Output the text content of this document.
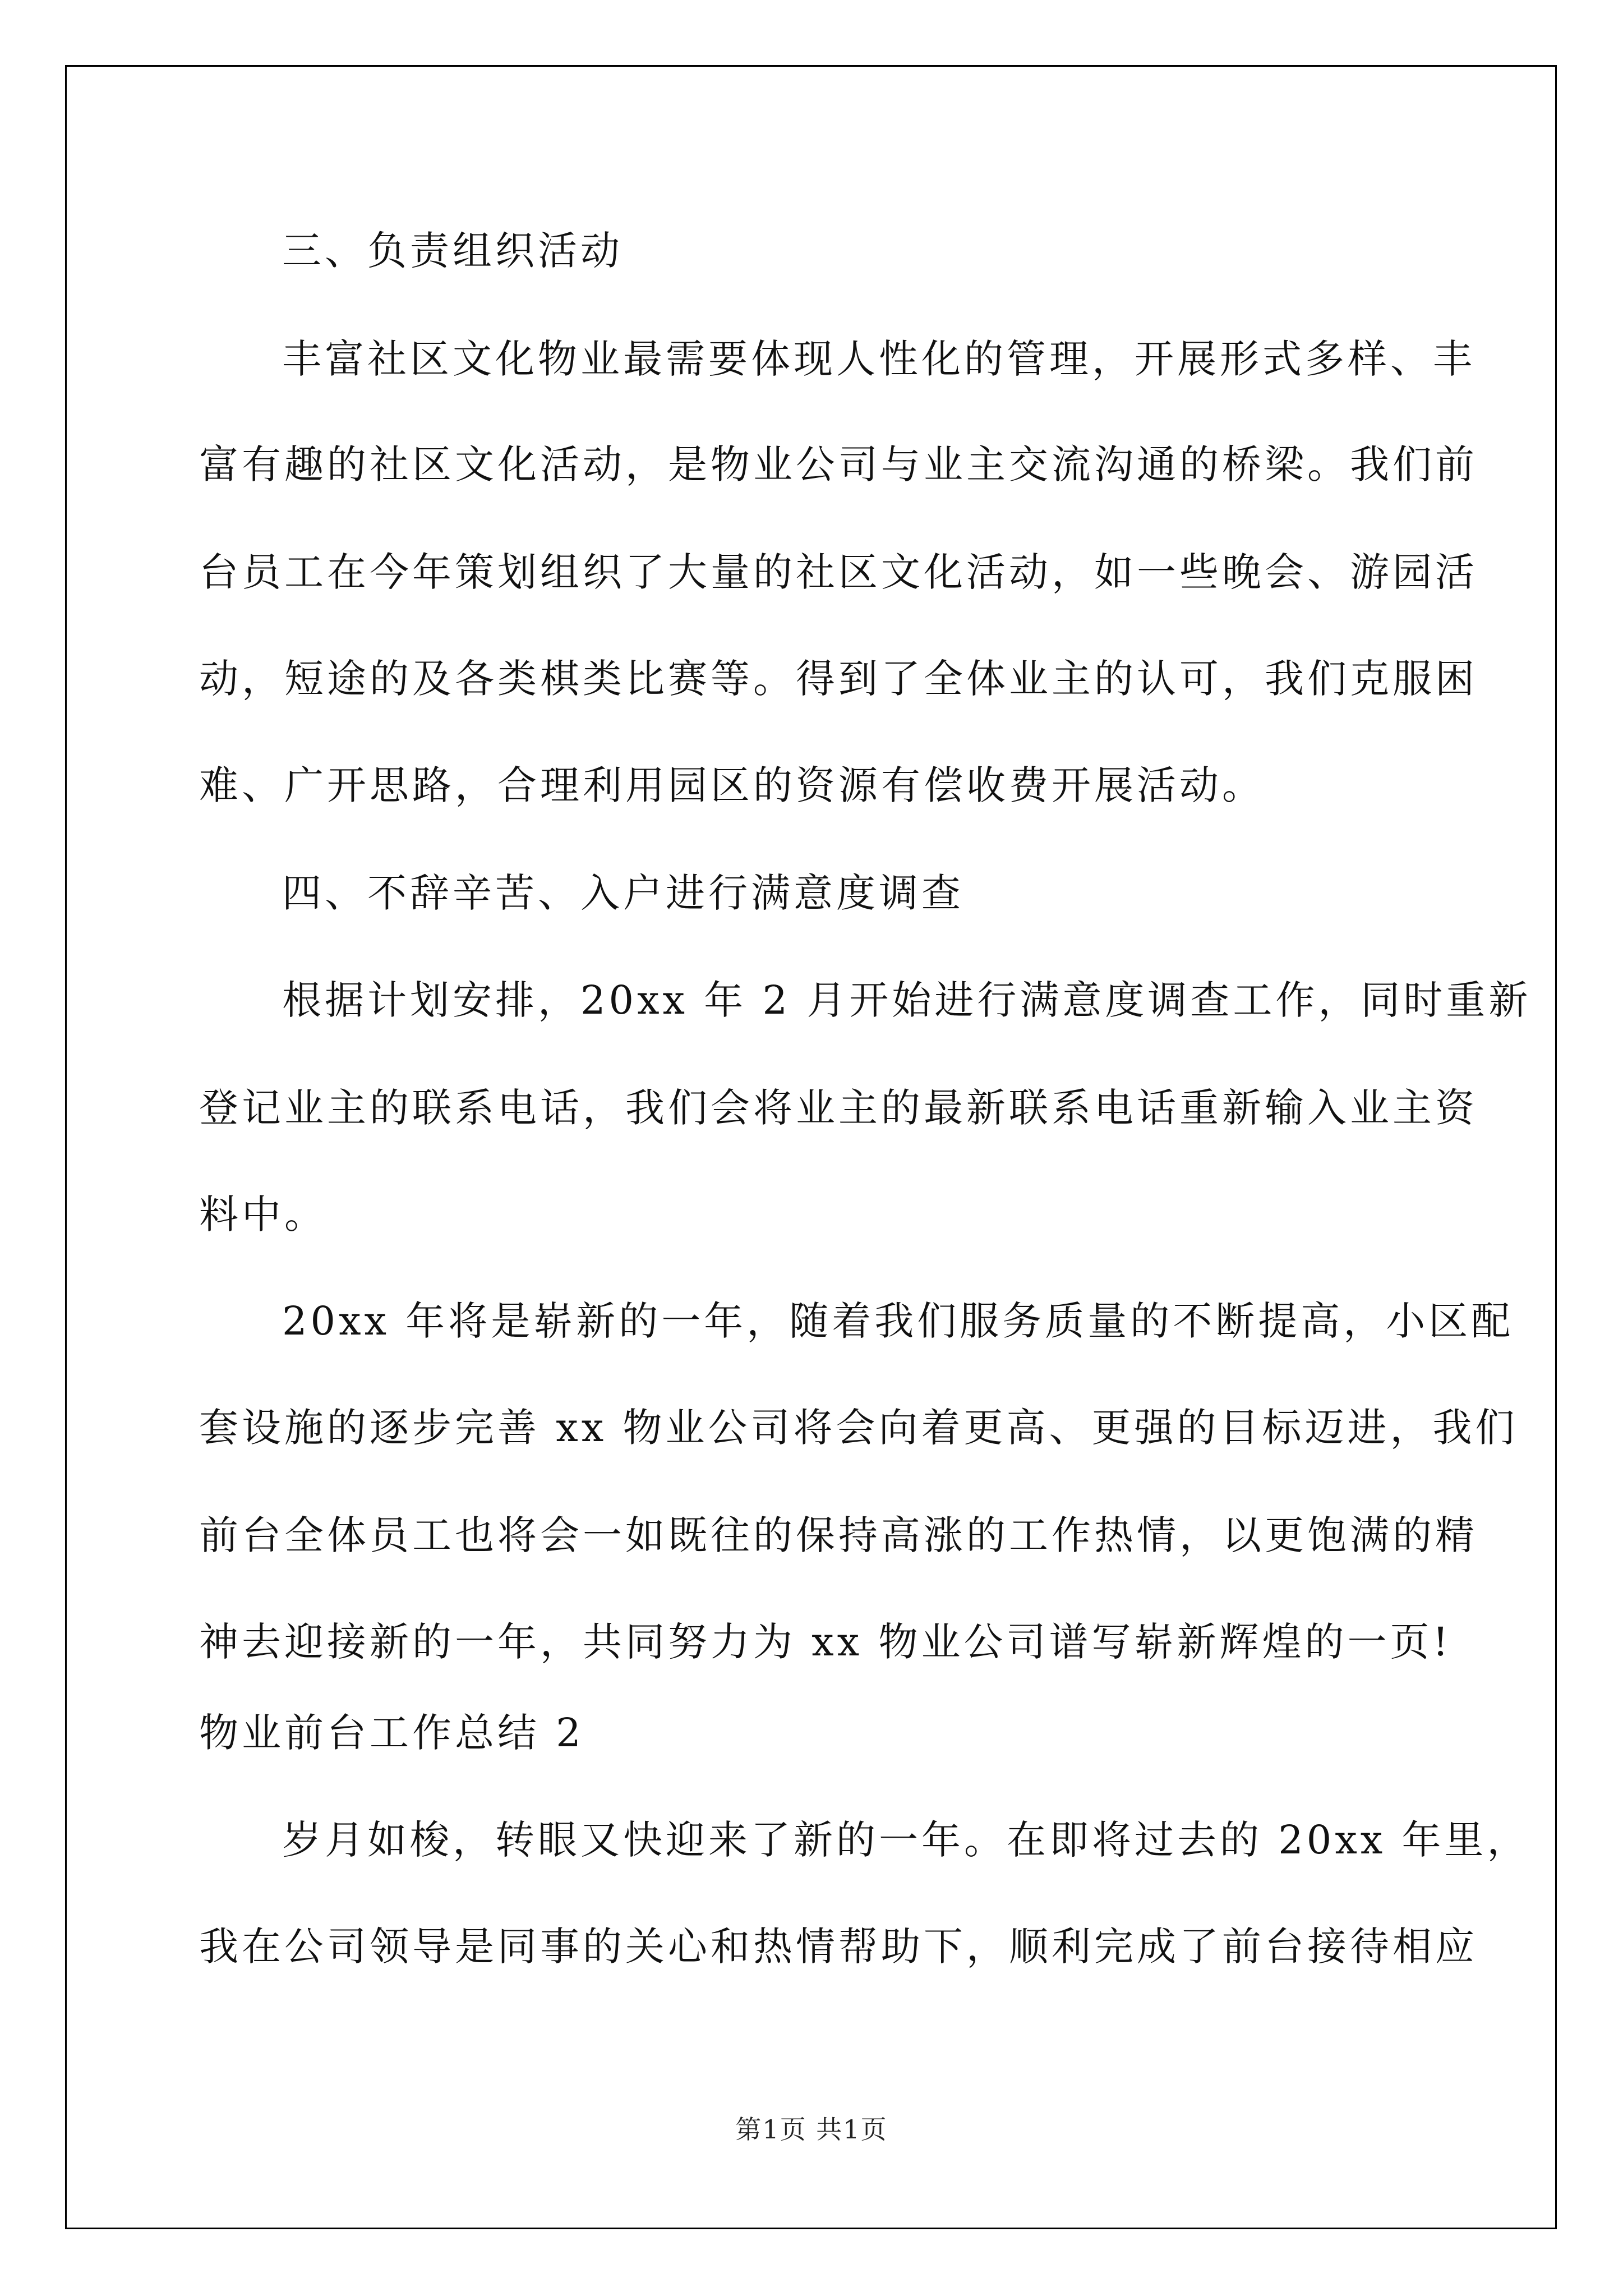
三、负责组织活动
丰富社区文化物业最需要体现人性化的管理，开展形式多样、丰
富有趣的社区文化活动，是物业公司与业主交流沟通的桥梁。我们前
台员工在今年策划组织了大量的社区文化活动，如一些晚会、游园活
动，短途的及各类棋类比赛等。得到了全体业主的认可，我们克服困
难、广开思路，合理利用园区的资源有偿收费开展活动。
四、不辞辛苦、入户进行满意度调查
根据计划安排，20xx 年 2 月开始进行满意度调查工作，同时重新
登记业主的联系电话，我们会将业主的最新联系电话重新输入业主资
料中。
20xx 年将是崭新的一年，随着我们服务质量的不断提高，小区配
套设施的逐步完善 xx 物业公司将会向着更高、更强的目标迈进，我们
前台全体员工也将会一如既往的保持高涨的工作热情，以更饱满的精
神去迎接新的一年，共同努力为 xx 物业公司谱写崭新辉煌的一页!
物业前台工作总结 2
岁月如梭，转眼又快迎来了新的一年。在即将过去的 20xx 年里，
我在公司领导是同事的关心和热情帮助下，顺利完成了前台接待相应
第1页 共1页
